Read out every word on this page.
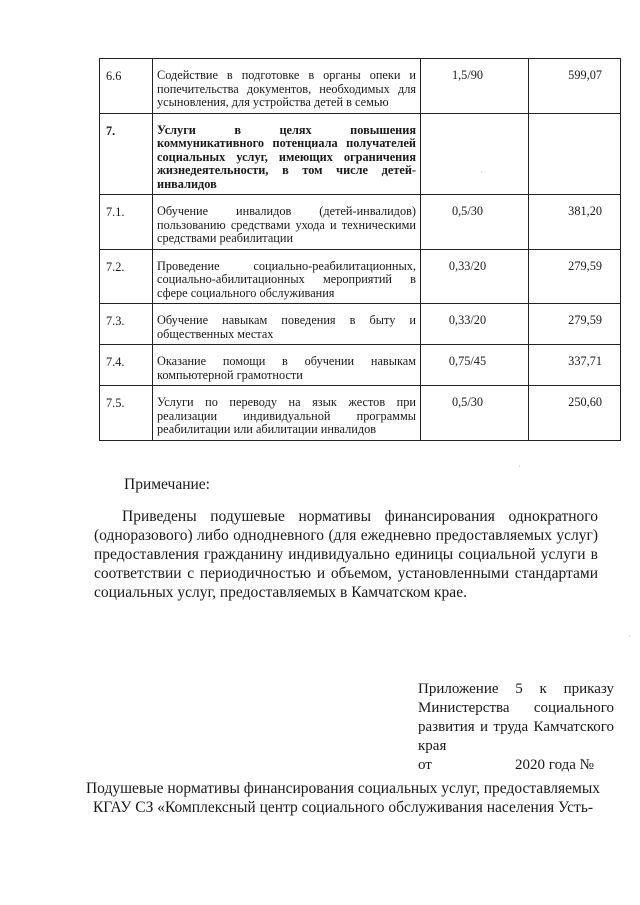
6.6	Содействие в подготовке в органы опеки и попечительства документов, необходимых для усыновления, для устройства детей в семью	1,5/90	599,07
7.	Услуги в целях повышения коммуникативного потенциала получателей социальных услуг, имеющих ограничения жизнедеятельности, в том числе детей-инвалидов		
7.1.	Обучение инвалидов (детей-инвалидов) пользованию средствами ухода и техническими средствами реабилитации	0,5/30	381,20
7.2.	Проведение социально-реабилитационных, социально-абилитационных мероприятий в сфере социального обслуживания	0,33/20	279,59
7.3.	Обучение навыкам поведения в быту и общественных местах	0,33/20	279,59
7.4.	Оказание помощи в обучении навыкам компьютерной грамотности	0,75/45	337,71
7.5.	Услуги по переводу на язык жестов при реализации индивидуальной программы реабилитации или абилитации инвалидов	0,5/30	250,60
Примечание:
Приведены подушевые нормативы финансирования однократного (одноразового) либо однодневного (для ежедневно предоставляемых услуг) предоставления гражданину индивидуально единицы социальной услуги в соответствии с периодичностью и объемом, установленными стандартами социальных услуг, предоставляемых в Камчатском крае.
Приложение 5 к приказу Министерства социального развития и труда Камчатского края
от	2020 года №
Подушевые нормативы финансирования социальных услуг, предоставляемых КГАУ СЗ «Комплексный центр социального обслуживания населения Усть-
·
·
·
